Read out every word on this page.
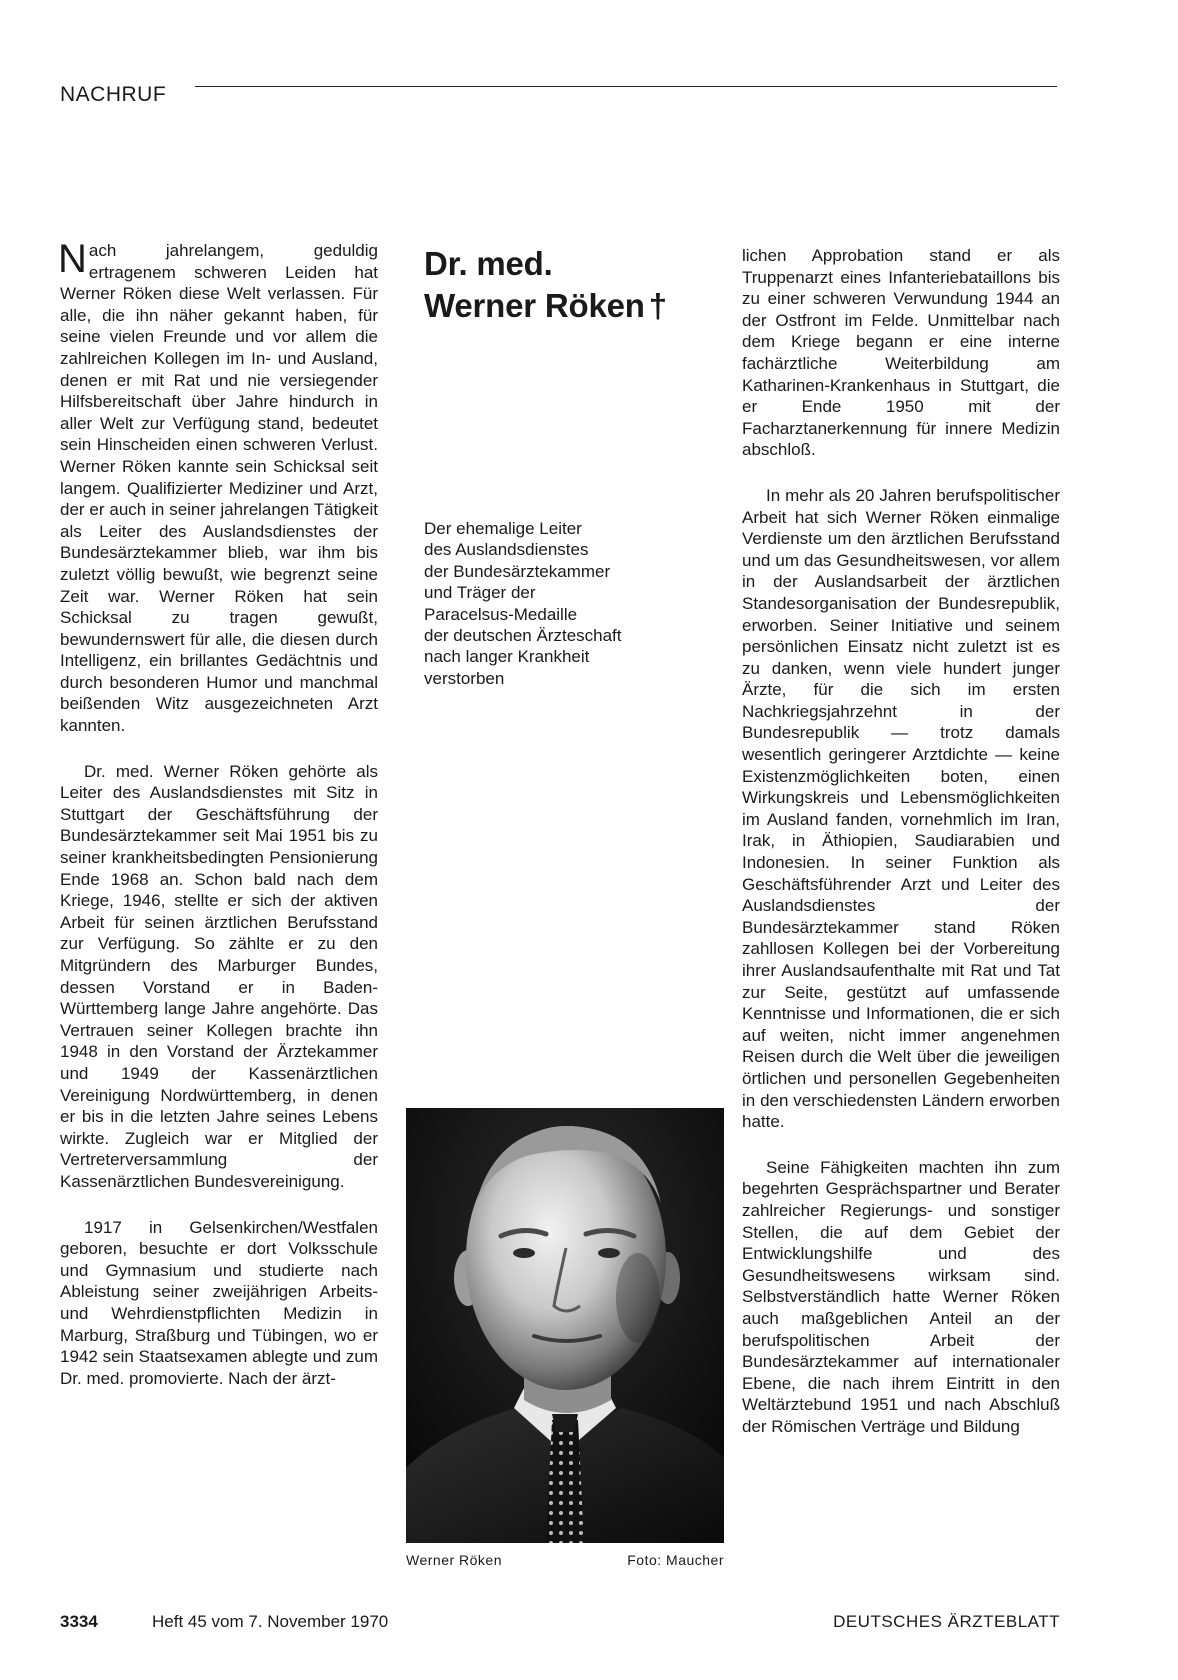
NACHRUF

Nach jahrelangem, geduldig ertragenem schweren Leiden hat Werner Röken diese Welt verlassen. Für alle, die ihn näher gekannt haben, für seine vielen Freunde und vor allem die zahlreichen Kollegen im In- und Ausland, denen er mit Rat und nie versiegender Hilfsbereitschaft über Jahre hindurch in aller Welt zur Verfügung stand, bedeutet sein Hinscheiden einen schweren Verlust. Werner Röken kannte sein Schicksal seit langem. Qualifizierter Mediziner und Arzt, der er auch in seiner jahrelangen Tätigkeit als Leiter des Auslandsdienstes der Bundesärztekammer blieb, war ihm bis zuletzt völlig bewußt, wie begrenzt seine Zeit war. Werner Röken hat sein Schicksal zu tragen gewußt, bewundernswert für alle, die diesen durch Intelligenz, ein brillantes Gedächtnis und durch besonderen Humor und manchmal beißenden Witz ausgezeichneten Arzt kannten.

Dr. med. Werner Röken gehörte als Leiter des Auslandsdienstes mit Sitz in Stuttgart der Geschäftsführung der Bundesärztekammer seit Mai 1951 bis zu seiner krankheitsbedingten Pensionierung Ende 1968 an. Schon bald nach dem Kriege, 1946, stellte er sich der aktiven Arbeit für seinen ärztlichen Berufsstand zur Verfügung. So zählte er zu den Mitgründern des Marburger Bundes, dessen Vorstand er in Baden-Württemberg lange Jahre angehörte. Das Vertrauen seiner Kollegen brachte ihn 1948 in den Vorstand der Ärztekammer und 1949 der Kassenärztlichen Vereinigung Nordwürttemberg, in denen er bis in die letzten Jahre seines Lebens wirkte. Zugleich war er Mitglied der Vertreterversammlung der Kassenärztlichen Bundesvereinigung.

1917 in Gelsenkirchen/Westfalen geboren, besuchte er dort Volksschule und Gymnasium und studierte nach Ableistung seiner zweijährigen Arbeits- und Wehrdienstpflichten Medizin in Marburg, Straßburg und Tübingen, wo er 1942 sein Staatsexamen ablegte und zum Dr. med. promovierte. Nach der ärzt-

Dr. med.
Werner Röken †
Der ehemalige Leiter
des Auslandsdienstes
der Bundesärztekammer
und Träger der
Paracelsus-Medaille
der deutschen Ärzteschaft
nach langer Krankheit
verstorben
Werner Röken	Foto: Maucher

lichen Approbation stand er als Truppenarzt eines Infanteriebataillons bis zu einer schweren Verwundung 1944 an der Ostfront im Felde. Unmittelbar nach dem Kriege begann er eine interne fachärztliche Weiterbildung am Katharinen-Krankenhaus in Stuttgart, die er Ende 1950 mit der Facharztanerkennung für innere Medizin abschloß.

In mehr als 20 Jahren berufspolitischer Arbeit hat sich Werner Röken einmalige Verdienste um den ärztlichen Berufsstand und um das Gesundheitswesen, vor allem in der Auslandsarbeit der ärztlichen Standesorganisation der Bundesrepublik, erworben. Seiner Initiative und seinem persönlichen Einsatz nicht zuletzt ist es zu danken, wenn viele hundert junger Ärzte, für die sich im ersten Nachkriegsjahrzehnt in der Bundesrepublik — trotz damals wesentlich geringerer Arztdichte — keine Existenzmöglichkeiten boten, einen Wirkungskreis und Lebensmöglichkeiten im Ausland fanden, vornehmlich im Iran, Irak, in Äthiopien, Saudiarabien und Indonesien. In seiner Funktion als Geschäftsführender Arzt und Leiter des Auslandsdienstes der Bundesärztekammer stand Röken zahllosen Kollegen bei der Vorbereitung ihrer Auslandsaufenthalte mit Rat und Tat zur Seite, gestützt auf umfassende Kenntnisse und Informationen, die er sich auf weiten, nicht immer angenehmen Reisen durch die Welt über die jeweiligen örtlichen und personellen Gegebenheiten in den verschiedensten Ländern erworben hatte.

Seine Fähigkeiten machten ihn zum begehrten Gesprächspartner und Berater zahlreicher Regierungs- und sonstiger Stellen, die auf dem Gebiet der Entwicklungshilfe und des Gesundheitswesens wirksam sind. Selbstverständlich hatte Werner Röken auch maßgeblichen Anteil an der berufspolitischen Arbeit der Bundesärztekammer auf internationaler Ebene, die nach ihrem Eintritt in den Weltärztebund 1951 und nach Abschluß der Römischen Verträge und Bildung

3334	Heft 45 vom 7. November 1970	DEUTSCHES ÄRZTEBLATT
